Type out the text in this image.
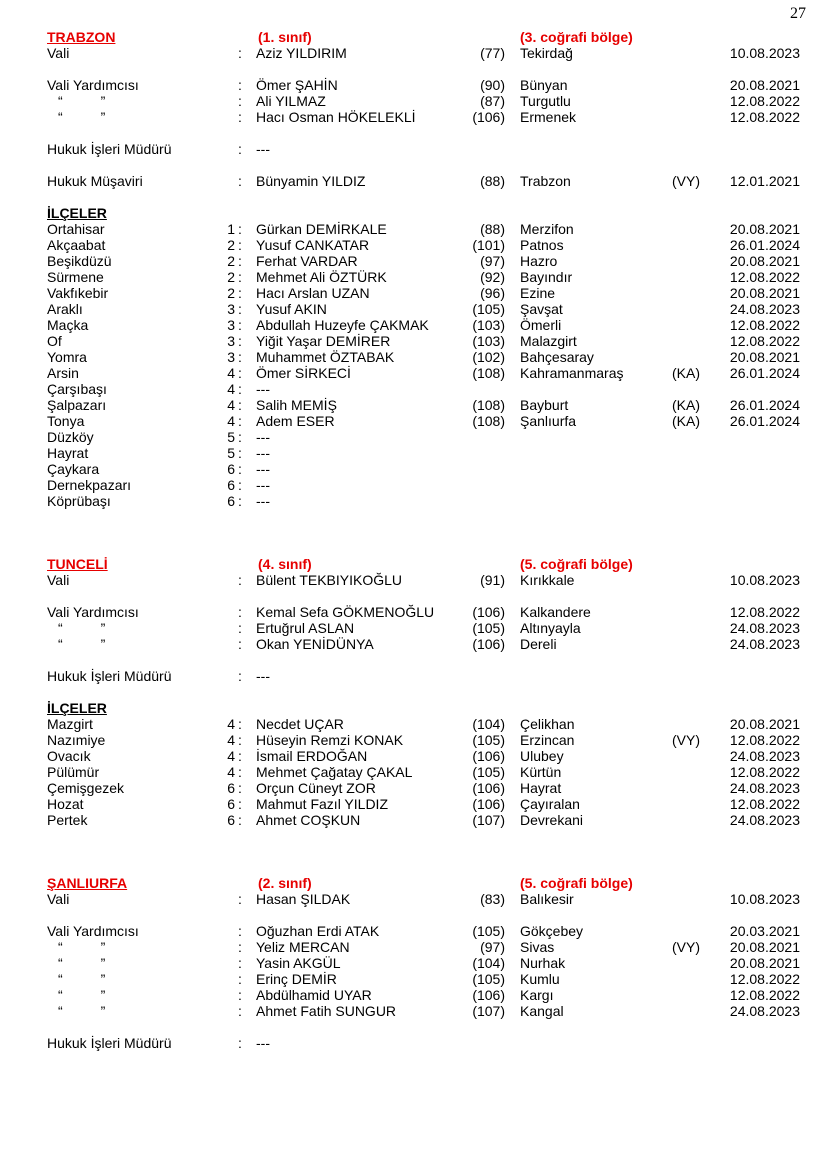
27
TRABZON	(1. sınıf)	(3. coğrafi bölge)
Vali	:	Aziz YILDIRIM	(77)	Tekirdağ	10.08.2023
Vali Yardımcısı	:	Ömer ŞAHİN	(90)	Bünyan	20.08.2021
“	”	:	Ali YILMAZ	(87)	Turgutlu	12.08.2022
“	”	:	Hacı Osman HÖKELEKLİ	(106)	Ermenek	12.08.2022
Hukuk İşleri Müdürü	:	---
Hukuk Müşaviri	:	Bünyamin YILDIZ	(88)	Trabzon	(VY)	12.01.2021
İLÇELER
Ortahisar	1 :	Gürkan DEMİRKALE	(88)	Merzifon	20.08.2021
Akçaabat	2 :	Yusuf CANKATAR	(101)	Patnos	26.01.2024
Beşikdüzü	2 :	Ferhat VARDAR	(97)	Hazro	20.08.2021
Sürmene	2 :	Mehmet Ali ÖZTÜRK	(92)	Bayındır	12.08.2022
Vakfıkebir	2 :	Hacı Arslan UZAN	(96)	Ezine	20.08.2021
Araklı	3 :	Yusuf AKIN	(105)	Şavşat	24.08.2023
Maçka	3 :	Abdullah Huzeyfe ÇAKMAK	(103)	Ömerli	12.08.2022
Of	3 :	Yiğit Yaşar DEMİRER	(103)	Malazgirt	12.08.2022
Yomra	3 :	Muhammet ÖZTABAK	(102)	Bahçesaray	20.08.2021
Arsin	4 :	Ömer SİRKECİ	(108)	Kahramanmaraş	(KA)	26.01.2024
Çarşıbaşı	4 :	---
Şalpazarı	4 :	Salih MEMİŞ	(108)	Bayburt	(KA)	26.01.2024
Tonya	4 :	Adem ESER	(108)	Şanlıurfa	(KA)	26.01.2024
Düzköy	5 :	---
Hayrat	5 :	---
Çaykara	6 :	---
Dernekpazarı	6 :	---
Köprübaşı	6 :	---
TUNCELİ	(4. sınıf)	(5. coğrafi bölge)
Vali	:	Bülent TEKBIYIKOĞLU	(91)	Kırıkkale	10.08.2023
Vali Yardımcısı	:	Kemal Sefa GÖKMENOĞLU	(106)	Kalkandere	12.08.2022
“	”	:	Ertuğrul ASLAN	(105)	Altınyayla	24.08.2023
“	”	:	Okan YENİDÜNYA	(106)	Dereli	24.08.2023
Hukuk İşleri Müdürü	:	---
İLÇELER
Mazgirt	4 :	Necdet UÇAR	(104)	Çelikhan	20.08.2021
Nazımiye	4 :	Hüseyin Remzi KONAK	(105)	Erzincan	(VY)	12.08.2022
Ovacık	4 :	İsmail ERDOĞAN	(106)	Ulubey	24.08.2023
Pülümür	4 :	Mehmet Çağatay ÇAKAL	(105)	Kürtün	12.08.2022
Çemişgezek	6 :	Orçun Cüneyt ZOR	(106)	Hayrat	24.08.2023
Hozat	6 :	Mahmut Fazıl YILDIZ	(106)	Çayıralan	12.08.2022
Pertek	6 :	Ahmet COŞKUN	(107)	Devrekani	24.08.2023
ŞANLIURFA	(2. sınıf)	(5. coğrafi bölge)
Vali	:	Hasan ŞILDAK	(83)	Balıkesir	10.08.2023
Vali Yardımcısı	:	Oğuzhan Erdi ATAK	(105)	Gökçebey	20.03.2021
“	”	:	Yeliz MERCAN	(97)	Sivas	(VY)	20.08.2021
“	”	:	Yasin AKGÜL	(104)	Nurhak	20.08.2021
“	”	:	Erinç DEMİR	(105)	Kumlu	12.08.2022
“	”	:	Abdülhamid UYAR	(106)	Kargı	12.08.2022
“	”	:	Ahmet Fatih SUNGUR	(107)	Kangal	24.08.2023
Hukuk İşleri Müdürü	:	---
